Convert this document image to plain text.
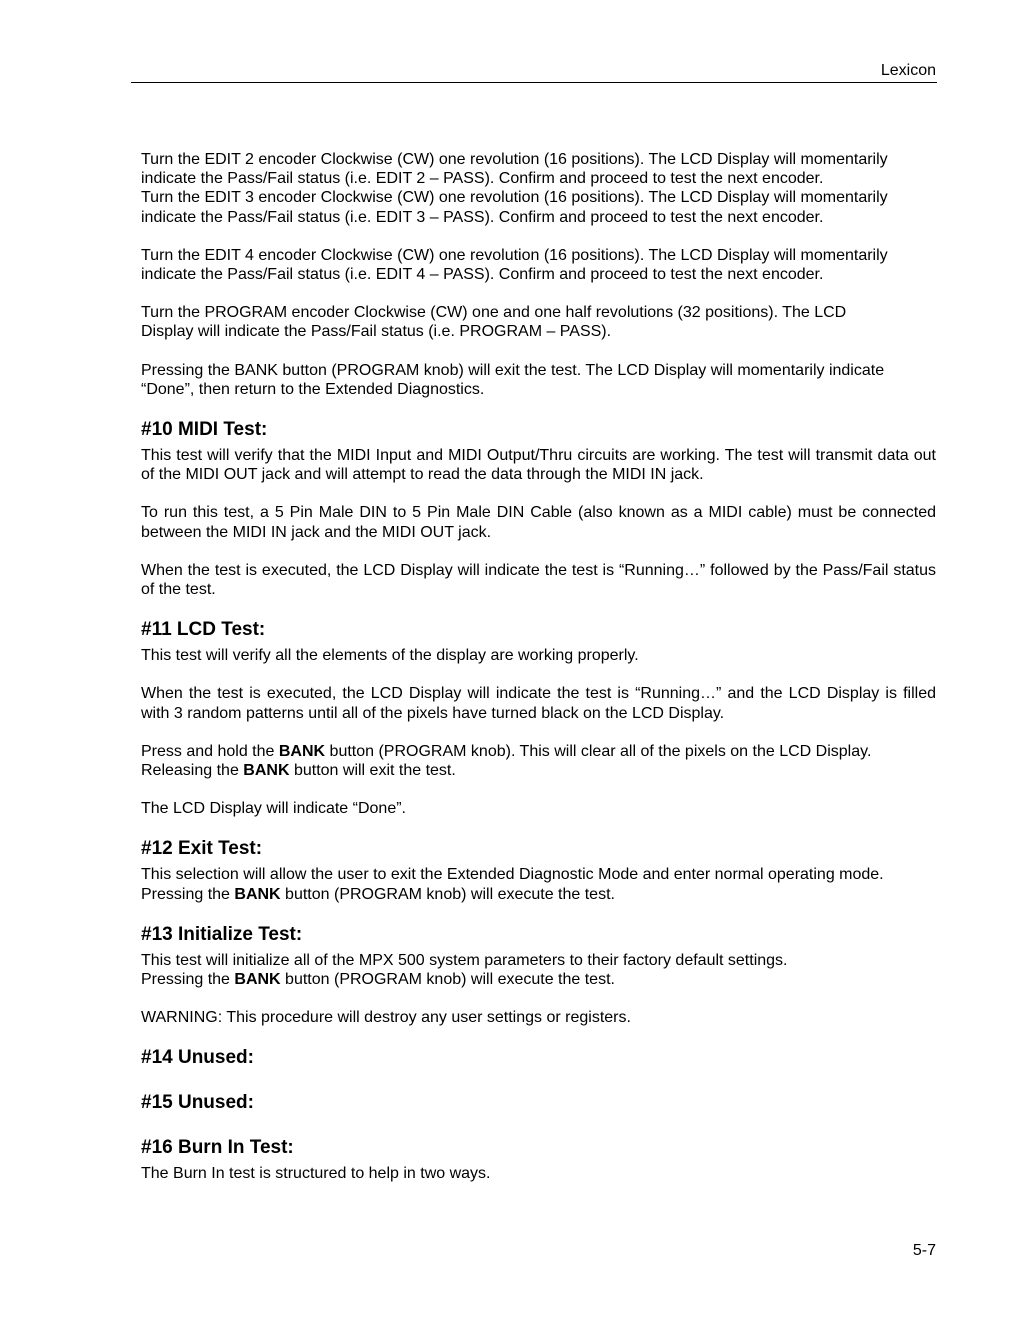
Lexicon

Turn the EDIT 2 encoder Clockwise (CW) one revolution (16 positions). The LCD Display will momentarily
indicate the Pass/Fail status (i.e. EDIT 2 – PASS). Confirm and proceed to test the next encoder.

Turn the EDIT 3 encoder Clockwise (CW) one revolution (16 positions). The LCD Display will momentarily
indicate the Pass/Fail status (i.e. EDIT 3 – PASS). Confirm and proceed to test the next encoder.

Turn the EDIT 4 encoder Clockwise (CW) one revolution (16 positions). The LCD Display will momentarily
indicate the Pass/Fail status (i.e. EDIT 4 – PASS). Confirm and proceed to test the next encoder.

Turn the PROGRAM encoder Clockwise (CW) one and one half revolutions (32 positions). The LCD
Display will indicate the Pass/Fail status (i.e. PROGRAM – PASS).

Pressing the BANK button (PROGRAM knob) will exit the test. The LCD Display will momentarily indicate
“Done”, then return to the Extended Diagnostics.

#10 MIDI Test:

This test will verify that the MIDI Input and MIDI Output/Thru circuits are working. The test will transmit data out of the MIDI OUT jack and will attempt to read the data through the MIDI IN jack.

To run this test, a 5 Pin Male DIN to 5 Pin Male DIN Cable (also known as a MIDI cable) must be connected between the MIDI IN jack and the MIDI OUT jack.

When the test is executed, the LCD Display will indicate the test is “Running…” followed by the Pass/Fail status of the test.

#11 LCD Test:

This test will verify all the elements of the display are working properly.

When the test is executed, the LCD Display will indicate the test is “Running…” and the LCD Display is filled with 3 random patterns until all of the pixels have turned black on the LCD Display.

Press and hold the BANK button (PROGRAM knob). This will clear all of the pixels on the LCD Display.
Releasing the BANK button will exit the test.

The LCD Display will indicate “Done”.

#12 Exit Test:

This selection will allow the user to exit the Extended Diagnostic Mode and enter normal operating mode.
Pressing the BANK button (PROGRAM knob) will execute the test.

#13 Initialize Test:

This test will initialize all of the MPX 500 system parameters to their factory default settings.
Pressing the BANK button (PROGRAM knob) will execute the test.

WARNING: This procedure will destroy any user settings or registers.

#14 Unused:
#15 Unused:
#16 Burn In Test:

The Burn In test is structured to help in two ways.

5-7
